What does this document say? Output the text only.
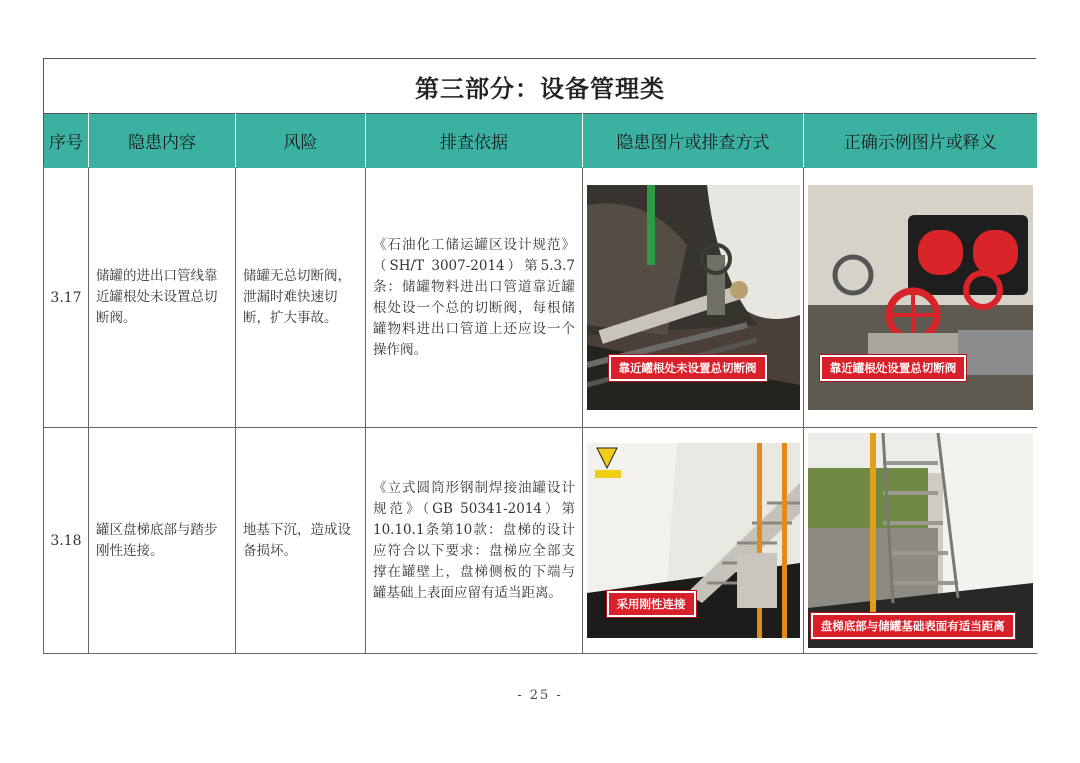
第三部分：设备管理类
序号	隐患内容	风险	排查依据	隐患图片或排查方式	正确示例图片或释义
3.17	储罐的进出口管线靠近罐根处未设置总切断阀。	储罐无总切断阀，泄漏时难快速切断，扩大事故。	《石油化工储运罐区设计规范》（SH/T 3007-2014）第5.3.7条：储罐物料进出口管道靠近罐根处设一个总的切断阀，每根储罐物料进出口管道上还应设一个操作阀。	靠近罐根处未设置总切断阀	靠近罐根处设置总切断阀

3.18	罐区盘梯底部与踏步刚性连接。	地基下沉，造成设备损坏。	《立式圆筒形钢制焊接油罐设计规范》（GB 50341-2014）第10.10.1条第10款：盘梯的设计应符合以下要求：盘梯应全部支撑在罐壁上，盘梯侧板的下端与罐基础上表面应留有适当距离。	采用刚性连接	盘梯底部与储罐基础表面有适当距离
- 25 -
